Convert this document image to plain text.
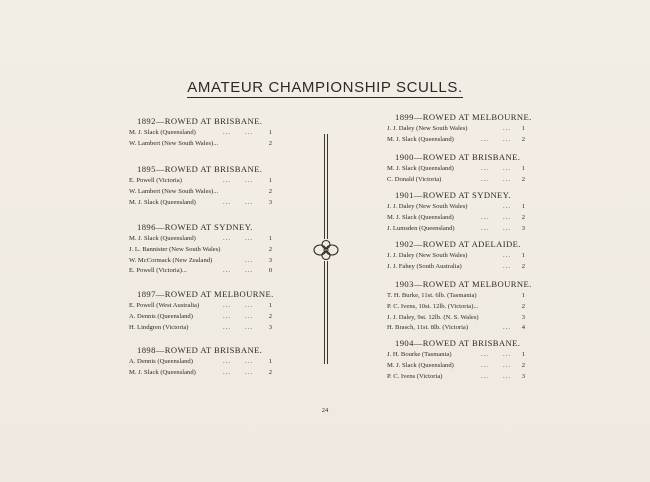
AMATEUR CHAMPIONSHIP SCULLS.
1892—ROWED AT BRISBANE.
M. J. Slack (Queensland)	... ... 1
W. Lambert (New South Wales)...	2
1895—ROWED AT BRISBANE.
E. Powell (Victoria)	... ... 1
W. Lambert (New South Wales)...	2
M. J. Slack (Queensland)	... ... 3
1896—ROWED AT SYDNEY.
M. J. Slack (Queensland)	... ... 1
J. L. Bannister (New South Wales)	2
W. McCormack (New Zealand)	... 3
E. Powell (Victoria)...	... ... 0
1897—ROWED AT MELBOURNE.
E. Powell (West Australia)	... ... 1
A. Dennis (Queensland)	... ... 2
H. Lindgren (Victoria)	... ... 3
1898—ROWED AT BRISBANE.
A. Dennis (Queensland)	... ... 1
M. J. Slack (Queensland)	... ... 2
1899—ROWED AT MELBOURNE.
J. J. Daley (New South Wales)	... 1
M. J. Slack (Queensland)	... ... 2
1900—ROWED AT BRISBANE.
M. J. Slack (Queensland)	... ... 1
C. Donald (Victoria)	... ... 2
1901—ROWED AT SYDNEY.
J. J. Daley (New South Wales)	... 1
M. J. Slack (Queensland)	... ... 2
J. Lumsden (Queensland)	... ... 3
1902—ROWED AT ADELAIDE.
J. J. Daley (New South Wales)	... 1
J. J. Fahey (South Australia)	... 2
1903—ROWED AT MELBOURNE.
T. H. Burke, 11st. 6lb. (Tasmania)	1
P. C. Ivens, 10st. 12lb. (Victoria)...	2
J. J. Daley, 9st. 12lb. (N. S. Wales)	3
H. Brasch, 11st. 8lb. (Victoria)	... 4
1904—ROWED AT BRISBANE.
J. H. Bourke (Tasmania)	... ... 1
M. J. Slack (Queensland)	... ... 2
P. C. Ivens (Victoria)	... ... 3
24
